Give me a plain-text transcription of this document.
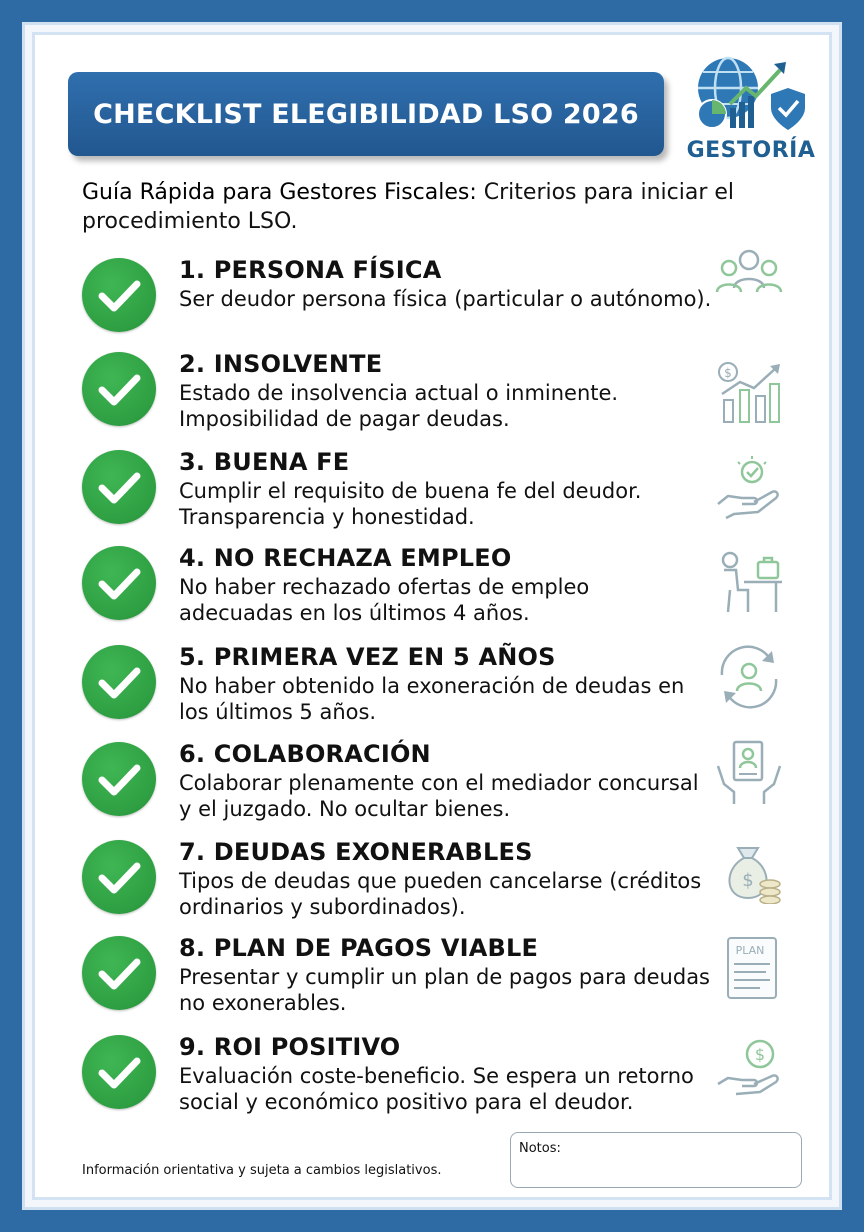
CHECKLIST ELEGIBILIDAD LSO 2026
GESTORÍA
Guía Rápida para Gestores Fiscales: Criterios para iniciar el procedimiento LSO.
1. PERSONA FÍSICA
Ser deudor persona física (particular o autónomo).
2. INSOLVENTE
Estado de insolvencia actual o inminente.
Imposibilidad de pagar deudas.
$
3. BUENA FE
Cumplir el requisito de buena fe del deudor.
Transparencia y honestidad.
4. NO RECHAZA EMPLEO
No haber rechazado ofertas de empleo
adecuadas en los últimos 4 años.
5. PRIMERA VEZ EN 5 AÑOS
No haber obtenido la exoneración de deudas en
los últimos 5 años.
6. COLABORACIÓN
Colaborar plenamente con el mediador concursal
y el juzgado. No ocultar bienes.
7. DEUDAS EXONERABLES
Tipos de deudas que pueden cancelarse (créditos
ordinarios y subordinados).
$
8. PLAN DE PAGOS VIABLE
Presentar y cumplir un plan de pagos para deudas
no exonerables.
PLAN
9. ROI POSITIVO
Evaluación coste-beneficio. Se espera un retorno
social y económico positivo para el deudor.
$
Información orientativa y sujeta a cambios legislativos.
Notos:
